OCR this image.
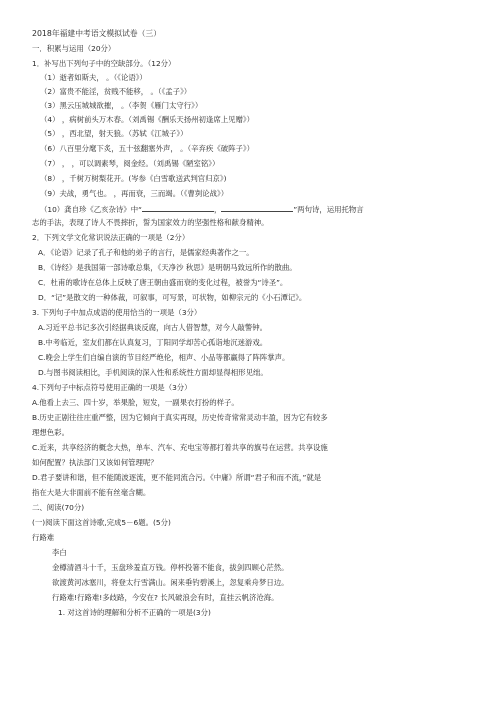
2018年福建中考语文模拟试卷（三）
一．积累与运用（20分）
1．补写出下列句子中的空缺部分。（12分）
（1）逝者如斯夫， 。（《论语》）
（2）富贵不能淫，贫贱不能移， 。（《孟子》）
（3）黑云压城城欲摧， 。（李贺《雁门太守行》）
（4） ，病树前头万木春。（刘禹锡《酬乐天扬州初逢席上见赠》）
（5） ，西北望，射天狼。（苏轼《江城子》）
（6）八百里分麾下炙，五十弦翻塞外声， 。（辛弃疾《破阵子》）
（7） ， ，可以调素琴，阅金经。（刘禹锡《陋室铭》）
（8） ，千树万树梨花开。(岑参《白雪歌送武判官归京》)
（9）夫战，勇气也。 ，再而衰，三而竭。（《曹刿论战》）
（10）龚自珍《乙亥杂诗》中“	，	”两句诗，运用托物言
志的手法，表现了诗人不畏摔折，誓为国家效力的坚强性格和献身精神。
2．下列文学文化常识说法正确的一项是（2分）
A．《论语》记录了孔子和他的弟子的言行，是儒家经典著作之一。
B．《诗经》是我国第一部诗歌总集，《天净沙 秋思》是明朝马致远所作的散曲。
C．杜甫的歌诗在总体上反映了唐王朝由盛而衰的变化过程，被誉为“诗圣”。
D．“记”是散文的一种体裁，可叙事，可写景，可状物，如柳宗元的《小石潭记》。
3. 下列句子中加点成语的使用恰当的一项是（3分）
A.习近平总书记多次引经据典谈反腐，向古人借智慧，对今人敲警钟。
B.中考临近，室友们都在认真复习，丁阳同学却苦心孤诣地沉迷游戏。
C.晚会上学生们自编自演的节目经严绝伦，相声、小品等都赢得了阵阵掌声。
D.与图书阅读相比，手机阅读的深入性和系统性方面却显得相形见绌。
4.下列句子中标点符号使用正确的一项是（3分）
A.他看上去三、四十岁，举果脸，短发，一副果衣打扮的样子。
B.历史正剧往往庄重严整，因为它倾向于真实再现，历史传奇常常灵动丰盈，因为它有较多
理想色彩。
C.近来，共享经济的概念大热，单车、汽车、充电宝等都打着共享的旗号在运营。共享设施
如何配置？执法部门又该如何管理呢？
D.君子要讲和谐，但不能随波逐流，更不能同流合污。《中庸》所谓“君子和而不流，”就是
指在大是大非面前不能有丝毫含糊。
二、阅读(70分)
(一)阅读下面这首诗歌,完成5－6题。(5分)
行路难
李白
金樽清酒斗十千，玉盘珍羞直万钱。停杯投箸不能食，拔剑四顾心茫然。
欲渡黄河冰塞川，将登太行雪满山。闲来垂钓碧溪上，忽复乘舟梦日边。
行路难!行路难!多歧路，今安在? 长风破浪会有时，直挂云帆济沧海。
1. 对这首诗的理解和分析不正确的一项是(3分)
